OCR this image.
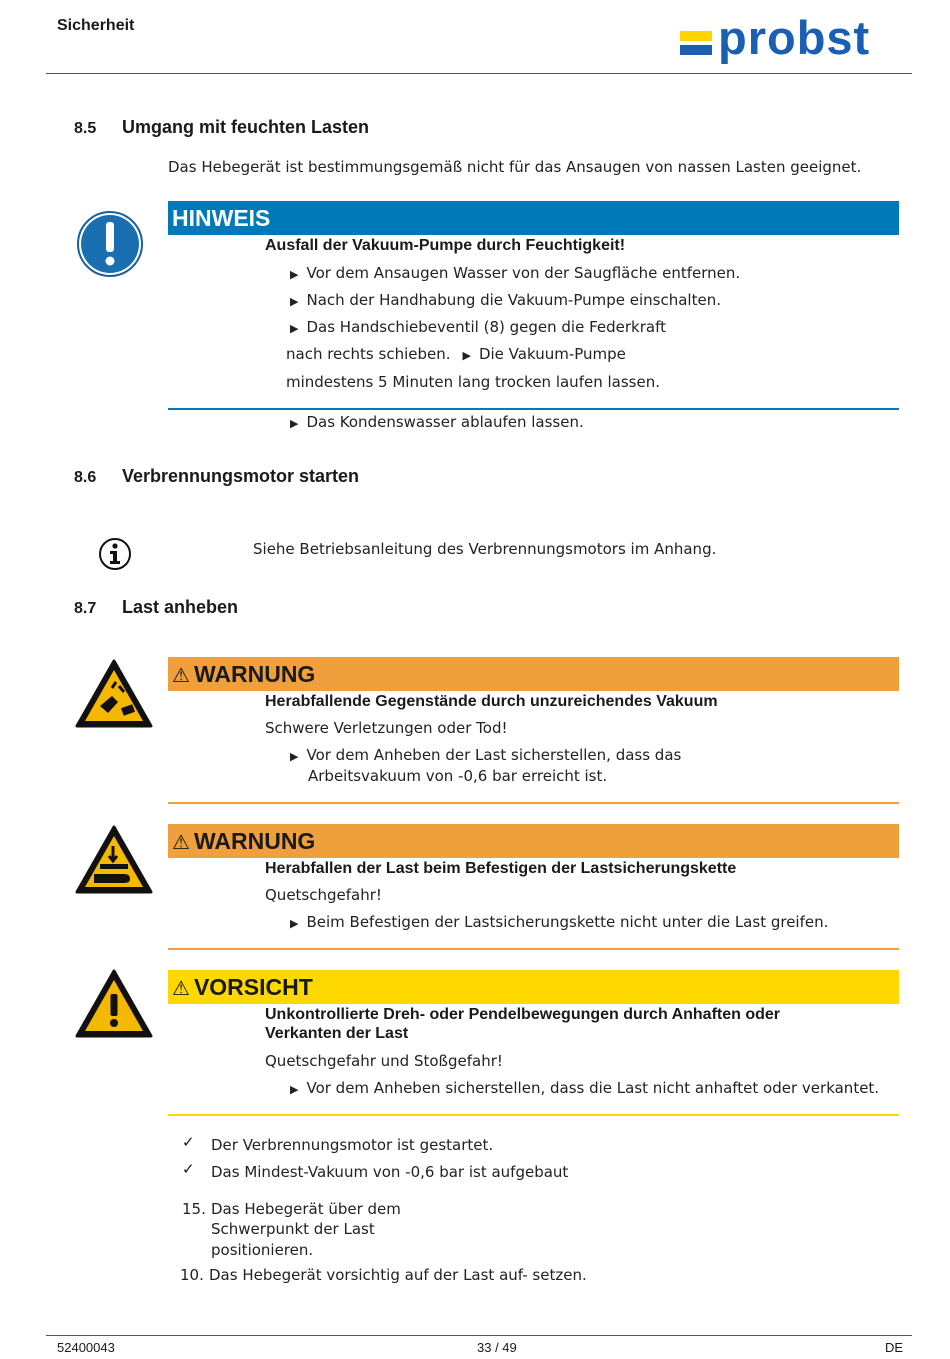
Sicherheit	probst
8.5 Umgang mit feuchten Lasten
Das Hebegerät ist bestimmungsgemäß nicht für das Ansaugen von nassen Lasten geeignet.
HINWEIS
Ausfall der Vakuum-Pumpe durch Feuchtigkeit!
▶ Vor dem Ansaugen Wasser von der Saugfläche entfernen.
▶ Nach der Handhabung die Vakuum-Pumpe einschalten.
▶ Das Handschiebeventil (8) gegen die Federkraft
nach rechts schieben. ▶ Die Vakuum-Pumpe
mindestens 5 Minuten lang trocken laufen lassen.
▶ Das Kondenswasser ablaufen lassen.
8.6 Verbrennungsmotor starten
Siehe Betriebsanleitung des Verbrennungsmotors im Anhang.
8.7 Last anheben
⚠ WARNUNG
Herabfallende Gegenstände durch unzureichendes Vakuum
Schwere Verletzungen oder Tod!
▶ Vor dem Anheben der Last sicherstellen, dass das
Arbeitsvakuum von -0,6 bar erreicht ist.
⚠ WARNUNG
Herabfallen der Last beim Befestigen der Lastsicherungskette
Quetschgefahr!
▶ Beim Befestigen der Lastsicherungskette nicht unter die Last greifen.
⚠ VORSICHT
Unkontrollierte Dreh- oder Pendelbewegungen durch Anhaften oder
Verkanten der Last
Quetschgefahr und Stoßgefahr!
▶ Vor dem Anheben sicherstellen, dass die Last nicht anhaftet oder verkantet.
✓ Der Verbrennungsmotor ist gestartet.
✓ Das Mindest-Vakuum von -0,6 bar ist aufgebaut
15. Das Hebegerät über dem
Schwerpunkt der Last
positionieren.
10. Das Hebegerät vorsichtig auf der Last auf- setzen.
52400043	33 / 49	DE
